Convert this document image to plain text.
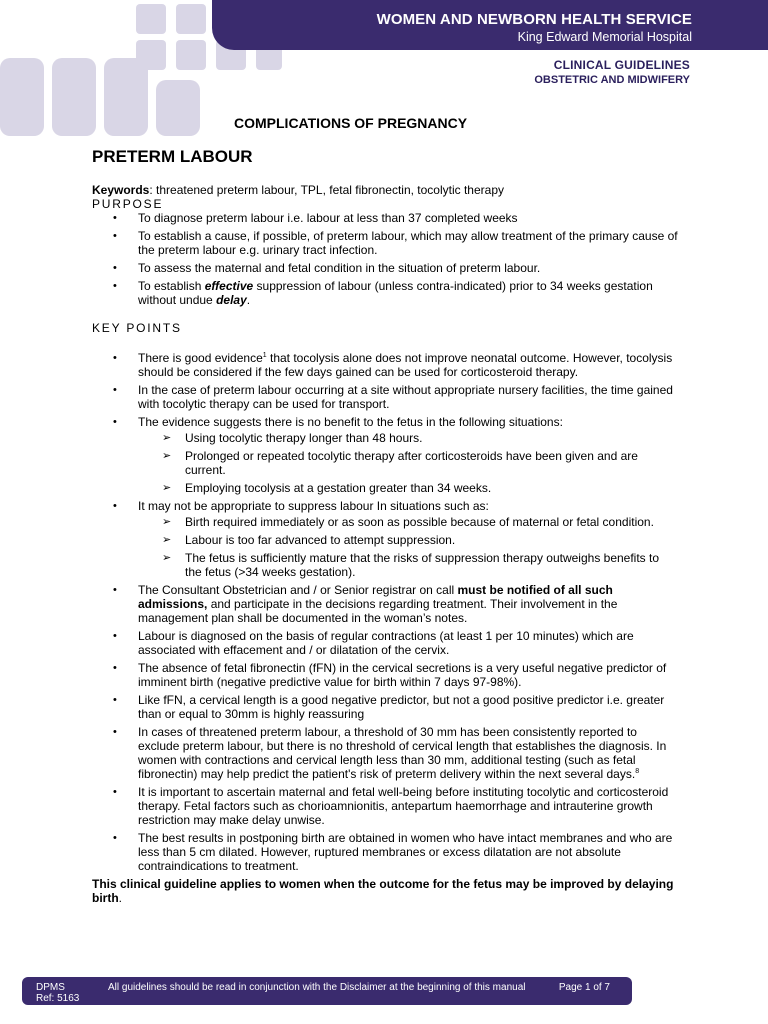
WOMEN AND NEWBORN HEALTH SERVICE
King Edward Memorial Hospital
CLINICAL GUIDELINES
OBSTETRIC AND MIDWIFERY
COMPLICATIONS OF PREGNANCY
PRETERM LABOUR

Keywords: threatened preterm labour, TPL, fetal fibronectin, tocolytic therapy

PURPOSE

• To diagnose preterm labour i.e. labour at less than 37 completed weeks
• To establish a cause, if possible, of preterm labour, which may allow treatment of the primary cause of the preterm labour e.g. urinary tract infection.
• To assess the maternal and fetal condition in the situation of preterm labour.
• To establish effective suppression of labour (unless contra-indicated) prior to 34 weeks gestation without undue delay.

KEY POINTS

• There is good evidence$^1$ that tocolysis alone does not improve neonatal outcome. However, tocolysis should be considered if the few days gained can be used for corticosteroid therapy.
• In the case of preterm labour occurring at a site without appropriate nursery facilities, the time gained with tocolytic therapy can be used for transport.
• The evidence suggests there is no benefit to the fetus in the following situations:
➢ Using tocolytic therapy longer than 48 hours.
➢ Prolonged or repeated tocolytic therapy after corticosteroids have been given and are current.
➢ Employing tocolysis at a gestation greater than 34 weeks.
• It may not be appropriate to suppress labour In situations such as:
➢ Birth required immediately or as soon as possible because of maternal or fetal condition.
➢ Labour is too far advanced to attempt suppression.
➢ The fetus is sufficiently mature that the risks of suppression therapy outweighs benefits to the fetus (>34 weeks gestation).
• The Consultant Obstetrician and / or Senior registrar on call must be notified of all such admissions, and participate in the decisions regarding treatment. Their involvement in the management plan shall be documented in the woman’s notes.
• Labour is diagnosed on the basis of regular contractions (at least 1 per 10 minutes) which are associated with effacement and / or dilatation of the cervix.
• The absence of fetal fibronectin (fFN) in the cervical secretions is a very useful negative predictor of imminent birth (negative predictive value for birth within 7 days 97-98%).
• Like fFN, a cervical length is a good negative predictor, but not a good positive predictor i.e. greater than or equal to 30mm is highly reassuring
• In cases of threatened preterm labour, a threshold of 30 mm has been consistently reported to exclude preterm labour, but there is no threshold of cervical length that establishes the diagnosis. In women with contractions and cervical length less than 30 mm, additional testing (such as fetal fibronectin) may help predict the patient's risk of preterm delivery within the next several days.$^8$
• It is important to ascertain maternal and fetal well-being before instituting tocolytic and corticosteroid therapy. Fetal factors such as chorioamnionitis, antepartum haemorrhage and intrauterine growth restriction may make delay unwise.
• The best results in postponing birth are obtained in women who have intact membranes and who are less than 5 cm dilated. However, ruptured membranes or excess dilatation are not absolute contraindications to treatment.

This clinical guideline applies to women when the outcome for the fetus may be improved by delaying birth.

DPMS
Ref: 5163
All guidelines should be read in conjunction with the Disclaimer at the beginning of this manual	Page 1 of 7
